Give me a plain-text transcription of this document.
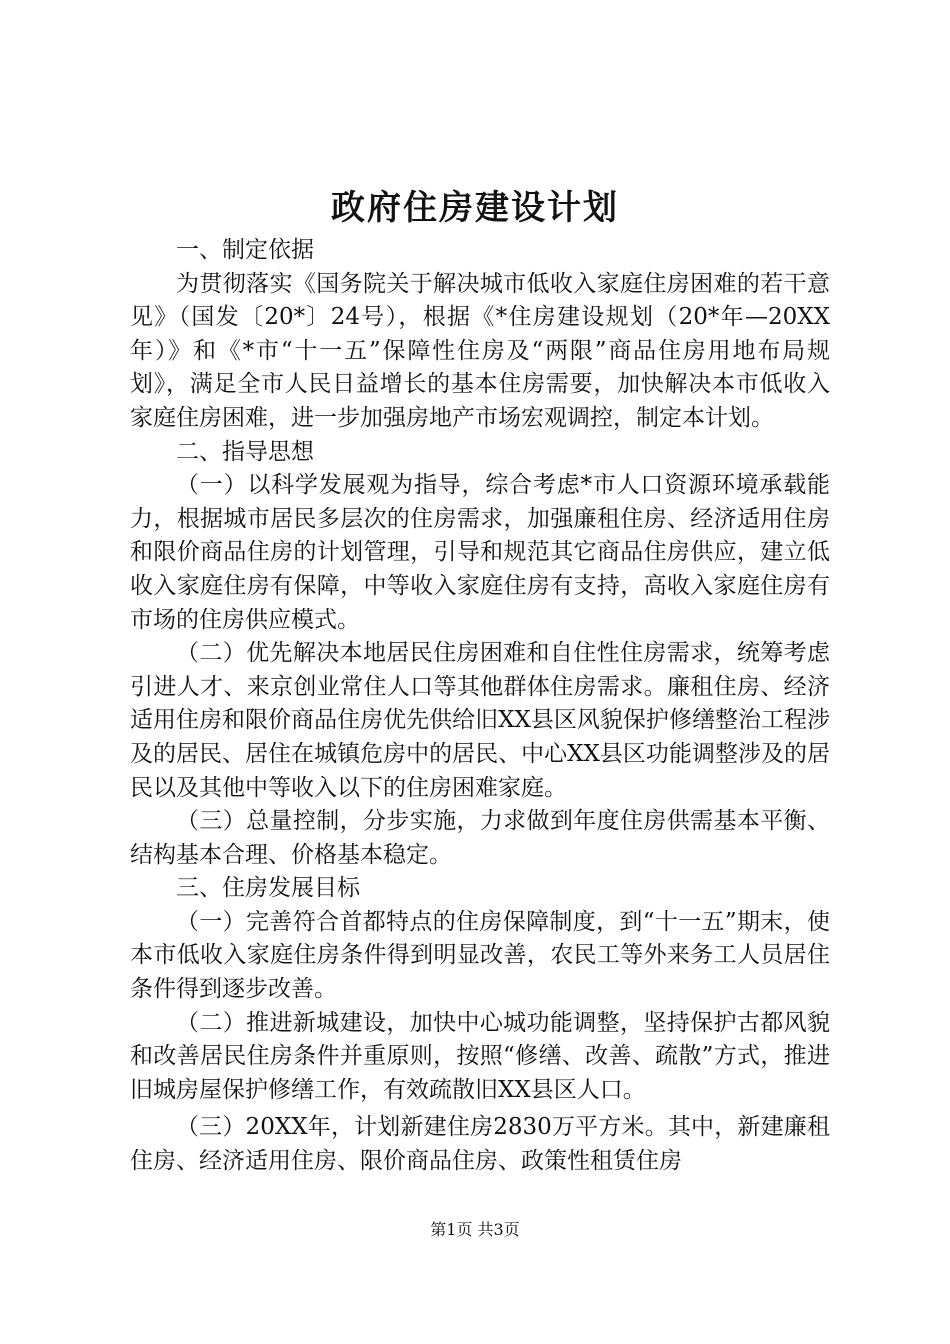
政府住房建设计划

一、制定依据

为贯彻落实《国务院关于解决城市低收入家庭住房困难的若干意见》（国发〔20*〕24号），根据《*住房建设规划（20*年—20XX年）》和《*市“十一五”保障性住房及“两限”商品住房用地布局规划》，满足全市人民日益增长的基本住房需要，加快解决本市低收入家庭住房困难，进一步加强房地产市场宏观调控，制定本计划。

二、指导思想

（一）以科学发展观为指导，综合考虑*市人口资源环境承载能力，根据城市居民多层次的住房需求，加强廉租住房、经济适用住房和限价商品住房的计划管理，引导和规范其它商品住房供应，建立低收入家庭住房有保障，中等收入家庭住房有支持，高收入家庭住房有市场的住房供应模式。

（二）优先解决本地居民住房困难和自住性住房需求，统筹考虑引进人才、来京创业常住人口等其他群体住房需求。廉租住房、经济适用住房和限价商品住房优先供给旧XX县区风貌保护修缮整治工程涉及的居民、居住在城镇危房中的居民、中心XX县区功能调整涉及的居民以及其他中等收入以下的住房困难家庭。

（三）总量控制，分步实施，力求做到年度住房供需基本平衡、结构基本合理、价格基本稳定。

三、住房发展目标

（一）完善符合首都特点的住房保障制度，到“十一五”期末，使本市低收入家庭住房条件得到明显改善，农民工等外来务工人员居住条件得到逐步改善。

（二）推进新城建设，加快中心城功能调整，坚持保护古都风貌和改善居民住房条件并重原则，按照“修缮、改善、疏散”方式，推进旧城房屋保护修缮工作，有效疏散旧XX县区人口。

（三）20XX年，计划新建住房2830万平方米。其中，新建廉租住房、经济适用住房、限价商品住房、政策性租赁住房

第1页 共3页
